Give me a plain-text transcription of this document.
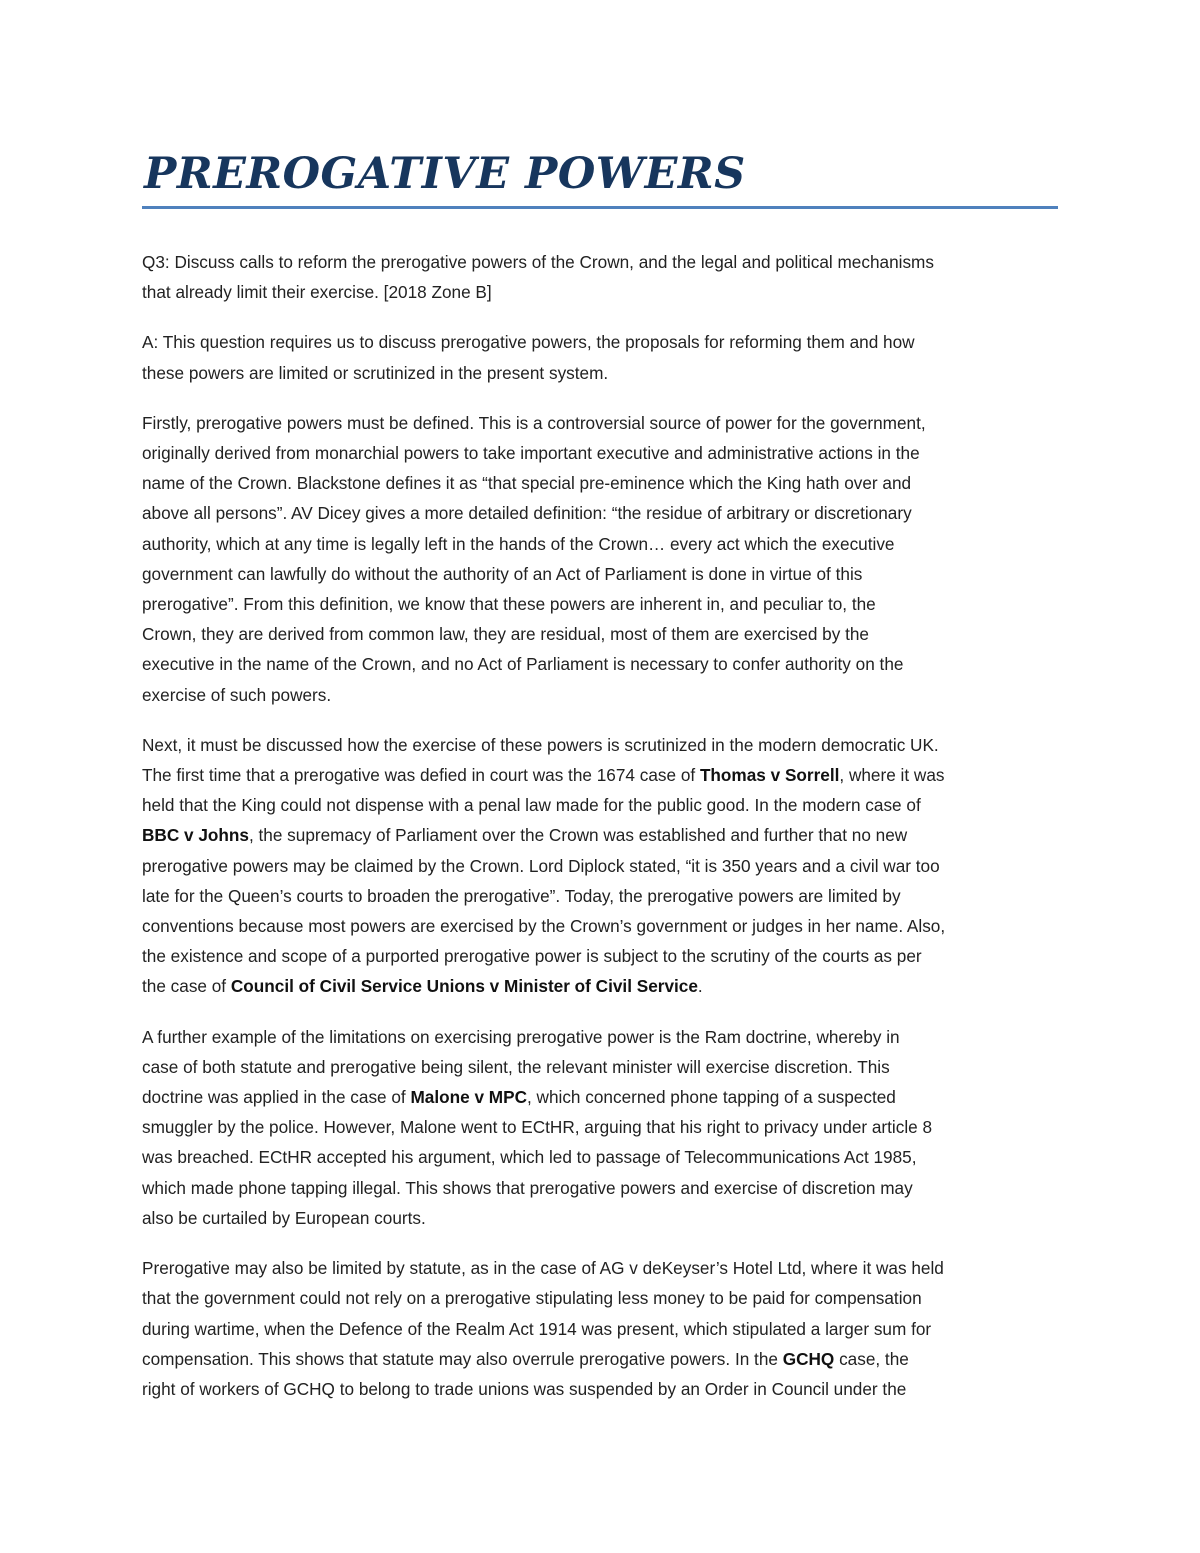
PREROGATIVE POWERS

Q3: Discuss calls to reform the prerogative powers of the Crown, and the legal and political mechanisms
that already limit their exercise. [2018 Zone B]

A: This question requires us to discuss prerogative powers, the proposals for reforming them and how
these powers are limited or scrutinized in the present system.

Firstly, prerogative powers must be defined. This is a controversial source of power for the government,
originally derived from monarchial powers to take important executive and administrative actions in the
name of the Crown. Blackstone defines it as “that special pre-eminence which the King hath over and
above all persons”. AV Dicey gives a more detailed definition: “the residue of arbitrary or discretionary
authority, which at any time is legally left in the hands of the Crown… every act which the executive
government can lawfully do without the authority of an Act of Parliament is done in virtue of this
prerogative”. From this definition, we know that these powers are inherent in, and peculiar to, the
Crown, they are derived from common law, they are residual, most of them are exercised by the
executive in the name of the Crown, and no Act of Parliament is necessary to confer authority on the
exercise of such powers.

Next, it must be discussed how the exercise of these powers is scrutinized in the modern democratic UK.
The first time that a prerogative was defied in court was the 1674 case of Thomas v Sorrell, where it was
held that the King could not dispense with a penal law made for the public good. In the modern case of
BBC v Johns, the supremacy of Parliament over the Crown was established and further that no new
prerogative powers may be claimed by the Crown. Lord Diplock stated, “it is 350 years and a civil war too
late for the Queen’s courts to broaden the prerogative”. Today, the prerogative powers are limited by
conventions because most powers are exercised by the Crown’s government or judges in her name. Also,
the existence and scope of a purported prerogative power is subject to the scrutiny of the courts as per
the case of Council of Civil Service Unions v Minister of Civil Service.

A further example of the limitations on exercising prerogative power is the Ram doctrine, whereby in
case of both statute and prerogative being silent, the relevant minister will exercise discretion. This
doctrine was applied in the case of Malone v MPC, which concerned phone tapping of a suspected
smuggler by the police. However, Malone went to ECtHR, arguing that his right to privacy under article 8
was breached. ECtHR accepted his argument, which led to passage of Telecommunications Act 1985,
which made phone tapping illegal. This shows that prerogative powers and exercise of discretion may
also be curtailed by European courts.

Prerogative may also be limited by statute, as in the case of AG v deKeyser’s Hotel Ltd, where it was held
that the government could not rely on a prerogative stipulating less money to be paid for compensation
during wartime, when the Defence of the Realm Act 1914 was present, which stipulated a larger sum for
compensation. This shows that statute may also overrule prerogative powers. In the GCHQ case, the
right of workers of GCHQ to belong to trade unions was suspended by an Order in Council under the
